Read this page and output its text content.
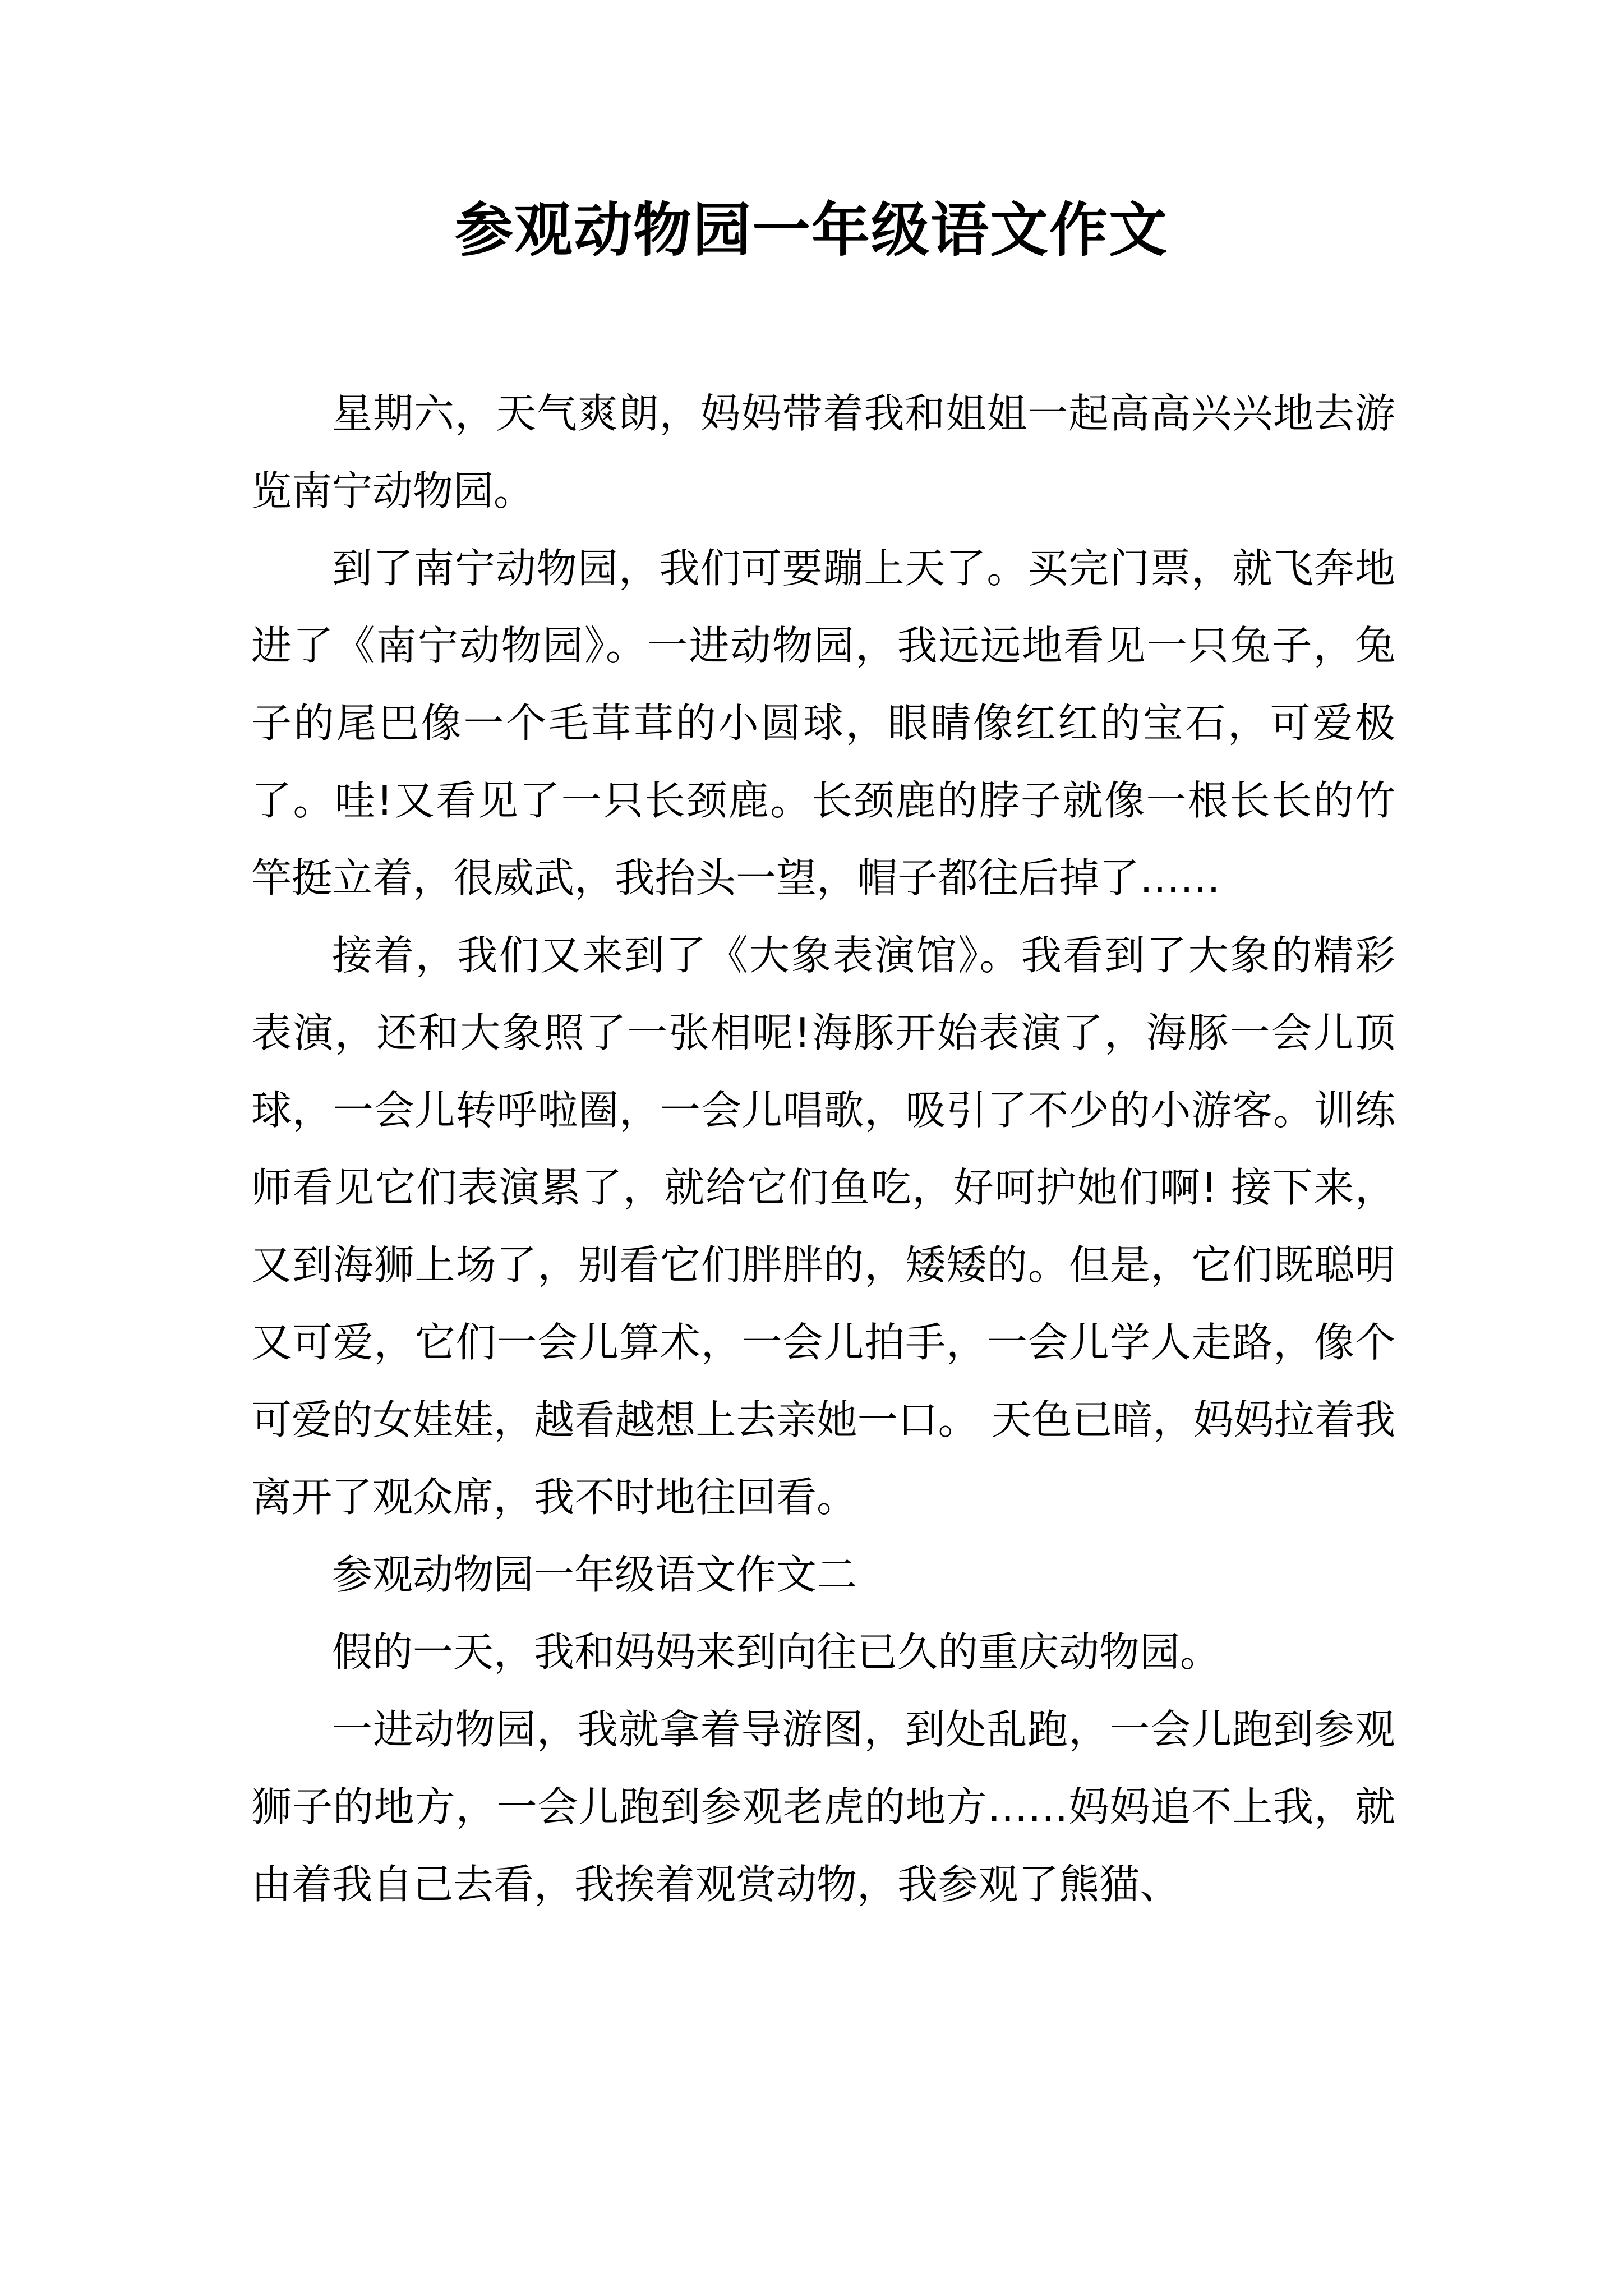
参观动物园一年级语文作文

星期六，天气爽朗，妈妈带着我和姐姐一起高高兴兴地去游览南宁动物园。

到了南宁动物园，我们可要蹦上天了。买完门票，就飞奔地进了《南宁动物园》。一进动物园，我远远地看见一只兔子，兔子的尾巴像一个毛茸茸的小圆球，眼睛像红红的宝石，可爱极了。哇!又看见了一只长颈鹿。长颈鹿的脖子就像一根长长的竹竿挺立着，很威武，我抬头一望，帽子都往后掉了……

接着，我们又来到了《大象表演馆》。我看到了大象的精彩表演，还和大象照了一张相呢!海豚开始表演了，海豚一会儿顶球，一会儿转呼啦圈，一会儿唱歌，吸引了不少的小游客。训练师看见它们表演累了，就给它们鱼吃，好呵护她们啊! 接下来，又到海狮上场了，别看它们胖胖的，矮矮的。但是，它们既聪明又可爱，它们一会儿算术，一会儿拍手，一会儿学人走路，像个可爱的女娃娃，越看越想上去亲她一口。 天色已暗，妈妈拉着我离开了观众席，我不时地往回看。

参观动物园一年级语文作文二

假的一天，我和妈妈来到向往已久的重庆动物园。

一进动物园，我就拿着导游图，到处乱跑，一会儿跑到参观狮子的地方，一会儿跑到参观老虎的地方……妈妈追不上我，就由着我自己去看，我挨着观赏动物，我参观了熊猫、
